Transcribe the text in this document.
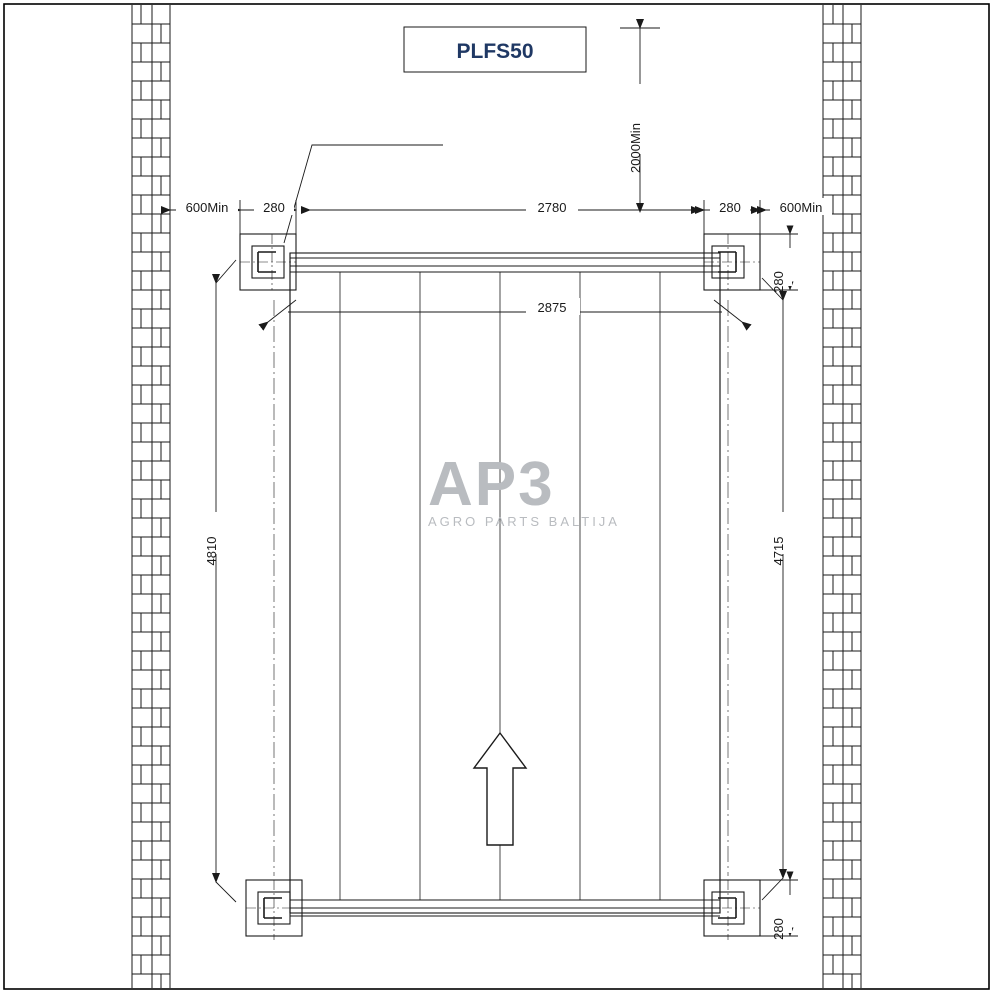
AP3
AGRO PARTS BALTIJA
PLFS50
600Min	280	2780	280	600Min
2000Min
280
2875
4810	4715
280
